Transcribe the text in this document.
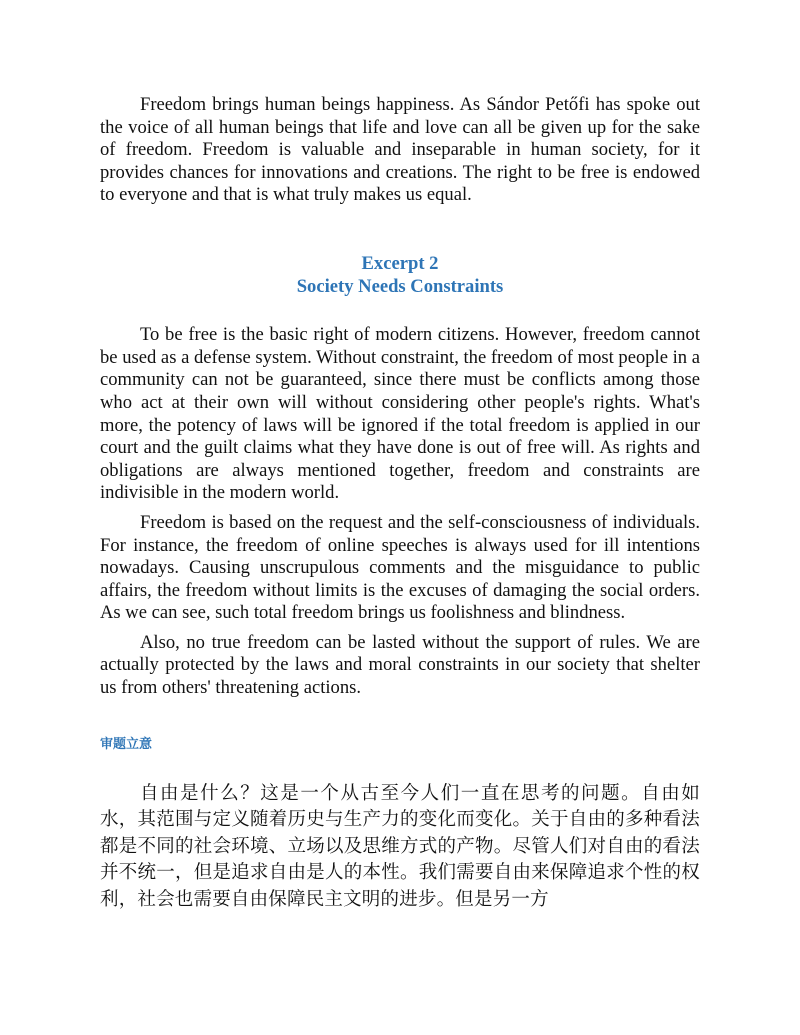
Freedom brings human beings happiness. As Sándor Petőfi has spoke out the voice of all human beings that life and love can all be given up for the sake of freedom. Freedom is valuable and inseparable in human society, for it provides chances for innovations and creations. The right to be free is endowed to everyone and that is what truly makes us equal.

Excerpt 2
Society Needs Constraints

To be free is the basic right of modern citizens. However, freedom cannot be used as a defense system. Without constraint, the freedom of most people in a community can not be guaranteed, since there must be conflicts among those who act at their own will without considering other people's rights. What's more, the potency of laws will be ignored if the total freedom is applied in our court and the guilt claims what they have done is out of free will. As rights and obligations are always mentioned together, freedom and constraints are indivisible in the modern world.

Freedom is based on the request and the self-consciousness of individuals. For instance, the freedom of online speeches is always used for ill intentions nowadays. Causing unscrupulous comments and the misguidance to public affairs, the freedom without limits is the excuses of damaging the social orders. As we can see, such total freedom brings us foolishness and blindness.

Also, no true freedom can be lasted without the support of rules. We are actually protected by the laws and moral constraints in our society that shelter us from others' threatening actions.

审题立意

自由是什么？这是一个从古至今人们一直在思考的问题。自由如水，其范围与定义随着历史与生产力的变化而变化。关于自由的多种看法都是不同的社会环境、立场以及思维方式的产物。尽管人们对自由的看法并不统一，但是追求自由是人的本性。我们需要自由来保障追求个性的权利，社会也需要自由保障民主文明的进步。但是另一方
